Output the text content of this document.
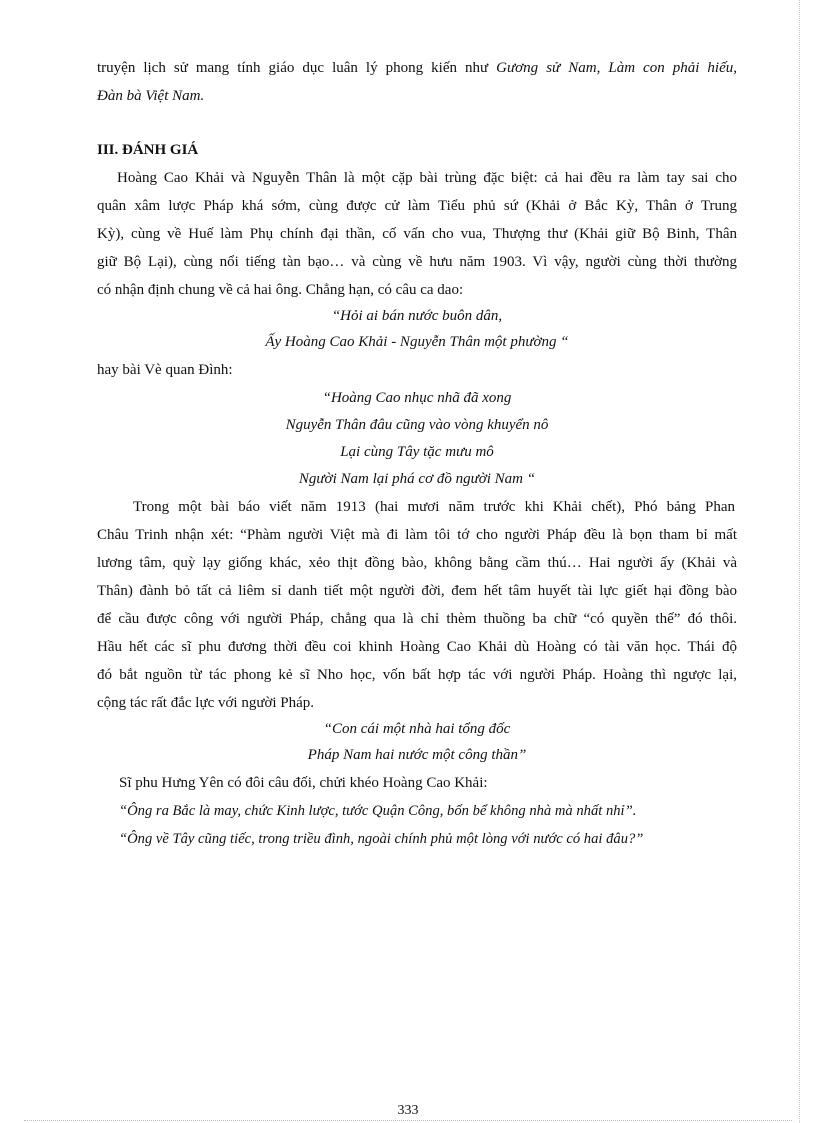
truyện lịch sử mang tính giáo dục luân lý phong kiến như Gương sử Nam, Làm con phải hiếu,

Đàn bà Việt Nam.

III. ĐÁNH GIÁ

Hoàng Cao Khải và Nguyễn Thân là một cặp bài trùng đặc biệt: cả hai đều ra làm tay sai cho

quân xâm lược Pháp khá sớm, cùng được cử làm Tiểu phủ sứ (Khải ở Bắc Kỳ, Thân ở Trung

Kỳ), cùng về Huế làm Phụ chính đại thần, cố vấn cho vua, Thượng thư (Khải giữ Bộ Binh, Thân

giữ Bộ Lại), cùng nổi tiếng tàn bạo… và cùng về hưu năm 1903. Vì vậy, người cùng thời thường

có nhận định chung về cả hai ông. Chẳng hạn, có câu ca dao:

“Hỏi ai bán nước buôn dân,

Ấy Hoàng Cao Khải - Nguyễn Thân một phường “

hay bài Vè quan Đình:

“Hoàng Cao nhục nhã đã xong

Nguyễn Thân đâu cũng vào vòng khuyển nô

Lại cùng Tây tặc mưu mô

Người Nam lại phá cơ đồ người Nam “

Trong một bài báo viết năm 1913 (hai mươi năm trước khi Khải chết), Phó bảng Phan

Châu Trinh nhận xét: “Phàm người Việt mà đi làm tôi tớ cho người Pháp đều là bọn tham bỉ mất

lương tâm, quỳ lạy giống khác, xẻo thịt đồng bào, không bằng cầm thú… Hai người ấy (Khải và

Thân) đành bỏ tất cả liêm sỉ danh tiết một người đời, đem hết tâm huyết tài lực giết hại đồng bào

để cầu được công với người Pháp, chẳng qua là chỉ thèm thuồng ba chữ “có quyền thế” đó thôi.

Hầu hết các sĩ phu đương thời đều coi khinh Hoàng Cao Khải dù Hoàng có tài văn học. Thái độ

đó bắt nguồn từ tác phong kẻ sĩ Nho học, vốn bất hợp tác với người Pháp. Hoàng thì ngược lại,

cộng tác rất đắc lực với người Pháp.

“Con cái một nhà hai tổng đốc

Pháp Nam hai nước một công thần”

Sĩ phu Hưng Yên có đôi câu đối, chửi khéo Hoàng Cao Khải:

“Ông ra Bắc là may, chức Kinh lược, tước Quận Công, bốn bể không nhà mà nhất nhỉ”.

“Ông về Tây cũng tiếc, trong triều đình, ngoài chính phủ một lòng với nước có hai đâu?”

333
